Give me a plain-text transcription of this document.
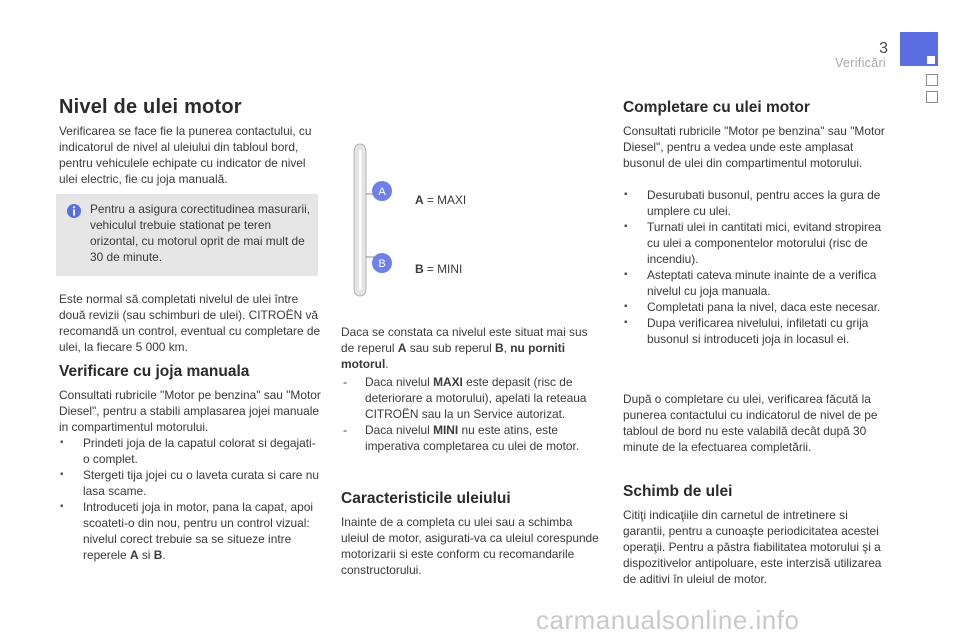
3
Verificări
Nivel de ulei motor

Verificarea se face fie la punerea contactului, cu indicatorul de nivel al uleiului din tabloul bord, pentru vehiculele echipate cu indicator de nivel ulei electric, fie cu joja manuală.

Pentru a asigura corectitudinea masurarii, vehiculul trebuie stationat pe teren orizontal, cu motorul oprit de mai mult de 30 de minute.

Este normal să completati nivelul de ulei între două revizii (sau schimburi de ulei). CITROËN vă recomandă un control, eventual cu completare de ulei, la fiecare 5 000 km.

Verificare cu joja manuala

Consultati rubricile "Motor pe benzina" sau "Motor Diesel", pentru a stabili amplasarea jojei manuale in compartimentul motorului.

▪ Prindeti joja de la capatul colorat si degajati-o complet.
▪ Stergeti tija jojei cu o laveta curata si care nu lasa scame.
▪ Introduceti joja in motor, pana la capat, apoi scoateti-o din nou, pentru un control vizual: nivelul corect trebuie sa se situeze intre reperele A si B.
A
B
A = MAXI
B = MINI

Daca se constata ca nivelul este situat mai sus de reperul A sau sub reperul B, nu porniti motorul.

- Daca nivelul MAXI este depasit (risc de deteriorare a motorului), apelati la reteaua CITROËN sau la un Service autorizat.
- Daca nivelul MINI nu este atins, este imperativa completarea cu ulei de motor.
Caracteristicile uleiului

Inainte de a completa cu ulei sau a schimba uleiul de motor, asigurati-va ca uleiul corespunde motorizarii si este conform cu recomandarile constructorului.

Completare cu ulei motor

Consultati rubricile "Motor pe benzina" sau "Motor Diesel", pentru a vedea unde este amplasat busonul de ulei din compartimentul motorului.

▪ Desurubati busonul, pentru acces la gura de umplere cu ulei.
▪ Turnati ulei in cantitati mici, evitand stropirea cu ulei a componentelor motorului (risc de incendiu).
▪ Asteptati cateva minute inainte de a verifica nivelul cu joja manuala.
▪ Completati pana la nivel, daca este necesar.
▪ Dupa verificarea nivelului, infiletati cu grija busonul si introduceti joja in locasul ei.

După o completare cu ulei, verificarea făcută la punerea contactului cu indicatorul de nivel de pe tabloul de bord nu este valabilă decât după 30 minute de la efectuarea completării.

Schimb de ulei

Citiţi indicaţiile din carnetul de intretinere si garantii, pentru a cunoaşte periodicitatea acestei operaţii. Pentru a păstra fiabilitatea motorului şi a dispozitivelor antipoluare, este interzisă utilizarea de aditivi în uleiul de motor.

carmanualsonline.info
